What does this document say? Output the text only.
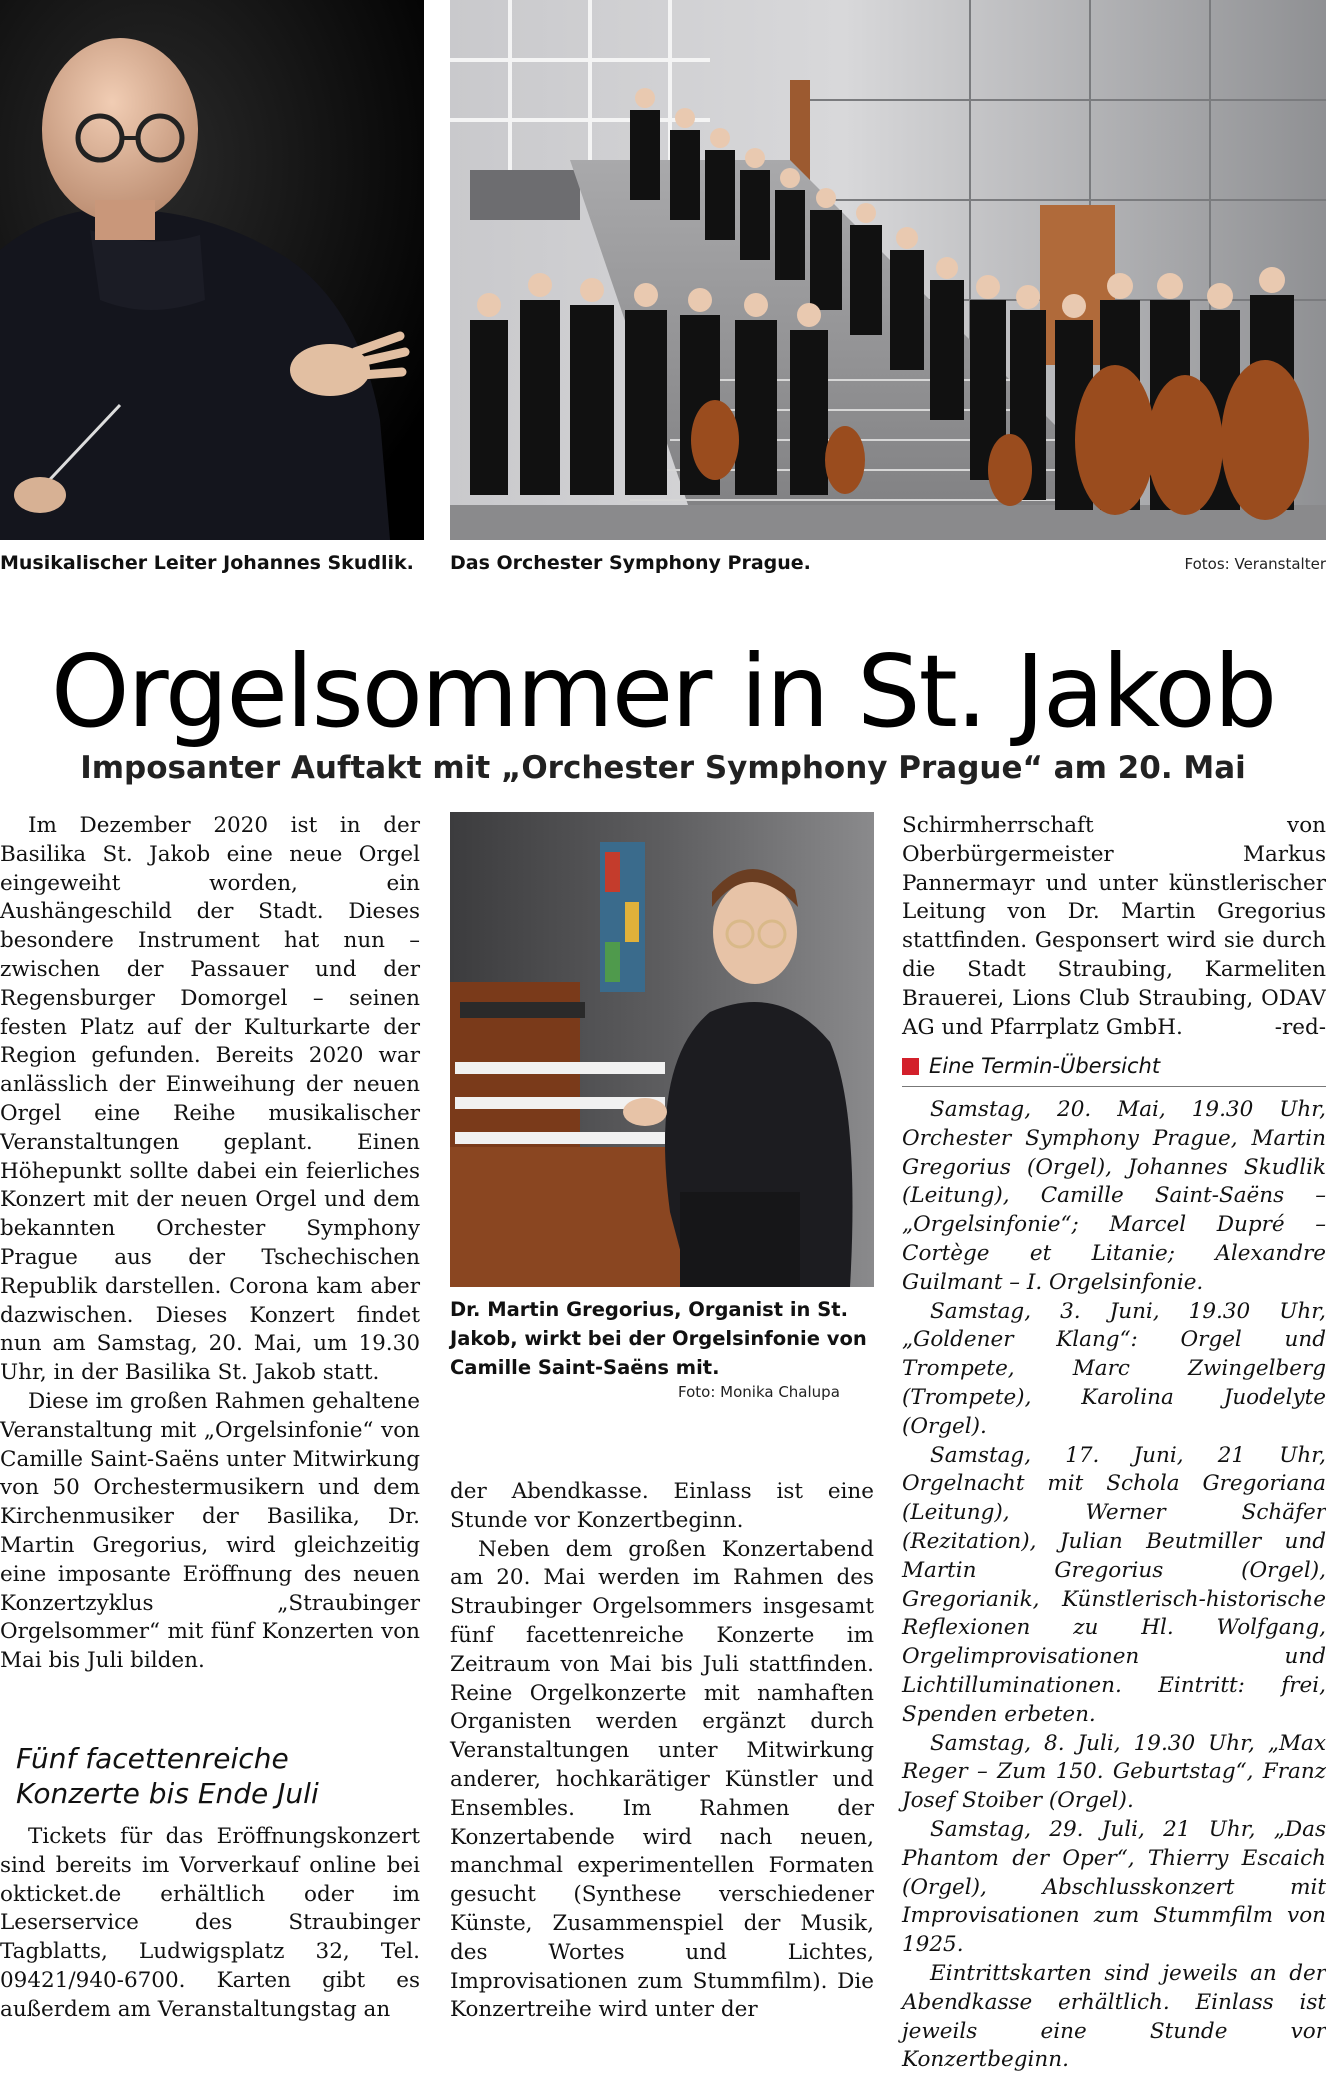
Musikalischer Leiter Johannes Skudlik.	Das Orchester Symphony Prague.	Fotos: Veranstalter
Orgelsommer in St. Jakob
Imposanter Auftakt mit „Orchester Symphony Prague“ am 20. Mai

Im Dezember 2020 ist in der Basilika St. Jakob eine neue Orgel eingeweiht worden, ein Aushängeschild der Stadt. Dieses besondere Instrument hat nun – zwischen der Passauer und der Regensburger Domorgel – seinen festen Platz auf der Kulturkarte der Region gefunden. Bereits 2020 war anlässlich der Einweihung der neuen Orgel eine Reihe musikalischer Veranstaltungen geplant. Einen Höhepunkt sollte dabei ein feierliches Konzert mit der neuen Orgel und dem bekannten Orchester Symphony Prague aus der Tschechischen Republik darstellen. Corona kam aber dazwischen. Dieses Konzert findet nun am Samstag, 20. Mai, um 19.30 Uhr, in der Basilika St. Jakob statt.

Diese im großen Rahmen gehaltene Veranstaltung mit „Orgelsinfonie“ von Camille Saint-Saëns unter Mitwirkung von 50 Orchestermusikern und dem Kirchenmusiker der Basilika, Dr. Martin Gregorius, wird gleichzeitig eine imposante Eröffnung des neuen Konzertzyklus „Straubinger Orgelsommer“ mit fünf Konzerten von Mai bis Juli bilden.

Fünf facettenreiche Konzerte bis Ende Juli

Tickets für das Eröffnungskonzert sind bereits im Vorverkauf online bei okticket.de erhältlich oder im Leserservice des Straubinger Tagblatts, Ludwigsplatz 32, Tel. 09421/940-6700. Karten gibt es außerdem am Veranstaltungstag an

Dr. Martin Gregorius, Organist in St. Jakob, wirkt bei der Orgelsinfonie von Camille Saint-Saëns mit.
Foto: Monika Chalupa

der Abendkasse. Einlass ist eine Stunde vor Konzertbeginn.

Neben dem großen Konzertabend am 20. Mai werden im Rahmen des Straubinger Orgelsommers insgesamt fünf facettenreiche Konzerte im Zeitraum von Mai bis Juli stattfinden. Reine Orgelkonzerte mit namhaften Organisten werden ergänzt durch Veranstaltungen unter Mitwirkung anderer, hochkarätiger Künstler und Ensembles. Im Rahmen der Konzertabende wird nach neuen, manchmal experimentellen Formaten gesucht (Synthese verschiedener Künste, Zusammenspiel der Musik, des Wortes und Lichtes, Improvisationen zum Stummfilm). Die Konzertreihe wird unter der

Schirmherrschaft von Oberbürgermeister Markus Pannermayr und unter künstlerischer Leitung von Dr. Martin Gregorius stattfinden. Gesponsert wird sie durch die Stadt Straubing, Karmeliten Brauerei, Lions Club Straubing, ODAV AG und Pfarrplatz GmbH.	-red-

Eine Termin-Übersicht

Samstag, 20. Mai, 19.30 Uhr, Orchester Symphony Prague, Martin Gregorius (Orgel), Johannes Skudlik (Leitung), Camille Saint-Saëns – „Orgelsinfonie“; Marcel Dupré – Cortège et Litanie; Alexandre Guilmant – I. Orgelsinfonie.

Samstag, 3. Juni, 19.30 Uhr, „Goldener Klang“: Orgel und Trompete, Marc Zwingelberg (Trompete), Karolina Juodelyte (Orgel).

Samstag, 17. Juni, 21 Uhr, Orgelnacht mit Schola Gregoriana (Leitung), Werner Schäfer (Rezitation), Julian Beutmiller und Martin Gregorius (Orgel), Gregorianik, Künstlerisch-historische Reflexionen zu Hl. Wolfgang, Orgelimprovisationen und Lichtilluminationen. Eintritt: frei, Spenden erbeten.

Samstag, 8. Juli, 19.30 Uhr, „Max Reger – Zum 150. Geburtstag“, Franz Josef Stoiber (Orgel).

Samstag, 29. Juli, 21 Uhr, „Das Phantom der Oper“, Thierry Escaich (Orgel), Abschlusskonzert mit Improvisationen zum Stummfilm von 1925.

Eintrittskarten sind jeweils an der Abendkasse erhältlich. Einlass ist jeweils eine Stunde vor Konzertbeginn.
